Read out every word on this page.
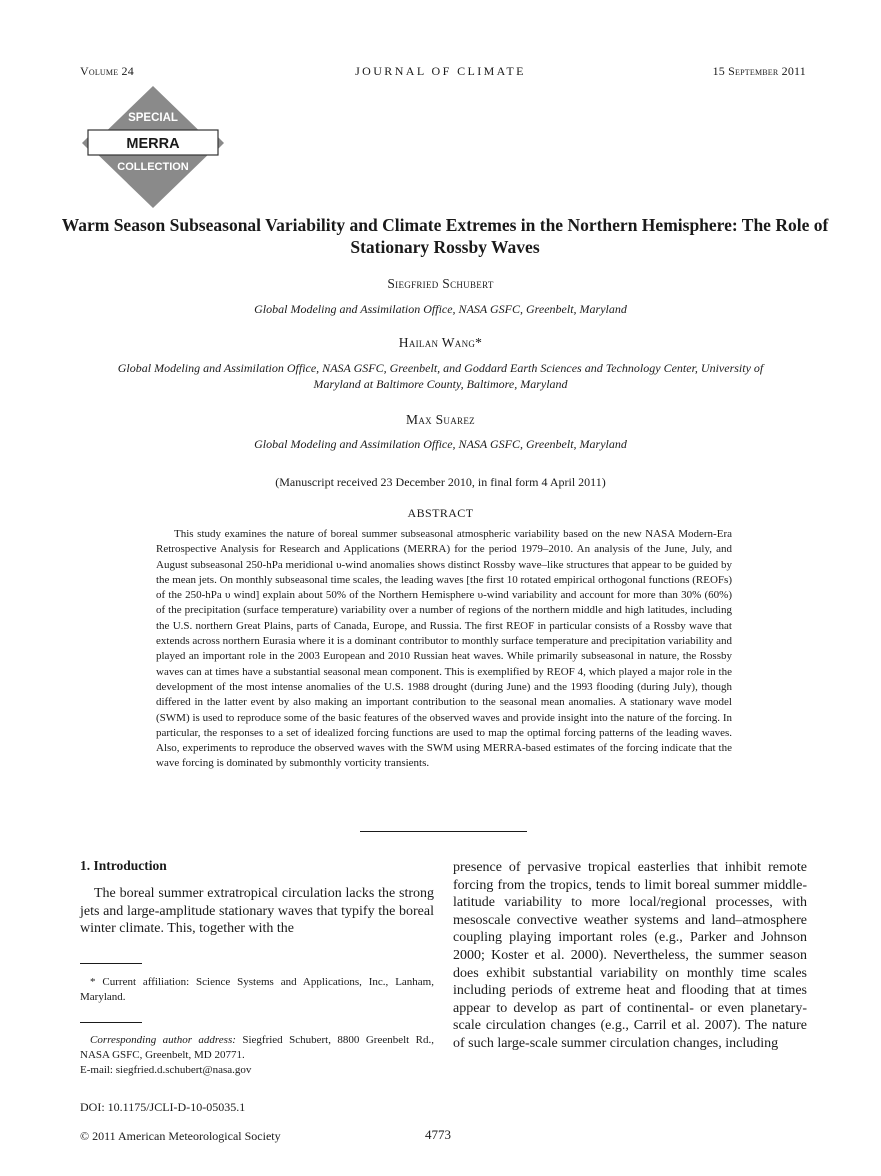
Volume 24	JOURNAL OF CLIMATE	15 September 2011
SPECIAL
MERRA
COLLECTION
Warm Season Subseasonal Variability and Climate Extremes in the Northern Hemisphere: The Role of Stationary Rossby Waves
Siegfried Schubert
Global Modeling and Assimilation Office, NASA GSFC, Greenbelt, Maryland
Hailan Wang*
Global Modeling and Assimilation Office, NASA GSFC, Greenbelt, and Goddard Earth Sciences and Technology Center, University of Maryland at Baltimore County, Baltimore, Maryland
Max Suarez
Global Modeling and Assimilation Office, NASA GSFC, Greenbelt, Maryland
(Manuscript received 23 December 2010, in final form 4 April 2011)
ABSTRACT

This study examines the nature of boreal summer subseasonal atmospheric variability based on the new NASA Modern-Era Retrospective Analysis for Research and Applications (MERRA) for the period 1979–2010. An analysis of the June, July, and August subseasonal 250-hPa meridional υ-wind anomalies shows distinct Rossby wave–like structures that appear to be guided by the mean jets. On monthly subseasonal time scales, the leading waves [the first 10 rotated empirical orthogonal functions (REOFs) of the 250-hPa υ wind] explain about 50% of the Northern Hemisphere υ-wind variability and account for more than 30% (60%) of the precipitation (surface temperature) variability over a number of regions of the northern middle and high latitudes, including the U.S. northern Great Plains, parts of Canada, Europe, and Russia. The first REOF in particular consists of a Rossby wave that extends across northern Eurasia where it is a dominant contributor to monthly surface temperature and precipitation variability and played an important role in the 2003 European and 2010 Russian heat waves. While primarily subseasonal in nature, the Rossby waves can at times have a substantial seasonal mean component. This is exemplified by REOF 4, which played a major role in the development of the most intense anomalies of the U.S. 1988 drought (during June) and the 1993 flooding (during July), though differed in the latter event by also making an important contribution to the seasonal mean anomalies. A stationary wave model (SWM) is used to reproduce some of the basic features of the observed waves and provide insight into the nature of the forcing. In particular, the responses to a set of idealized forcing functions are used to map the optimal forcing patterns of the leading waves. Also, experiments to reproduce the observed waves with the SWM using MERRA-based estimates of the forcing indicate that the wave forcing is dominated by submonthly vorticity transients.

1. Introduction

The boreal summer extratropical circulation lacks the strong jets and large-amplitude stationary waves that typify the boreal winter climate. This, together with the

* Current affiliation: Science Systems and Applications, Inc., Lanham, Maryland.

Corresponding author address: Siegfried Schubert, 8800 Greenbelt Rd., NASA GSFC, Greenbelt, MD 20771.

E-mail: siegfried.d.schubert@nasa.gov
DOI: 10.1175/JCLI-D-10-05035.1
© 2011 American Meteorological Society	4773

presence of pervasive tropical easterlies that inhibit remote forcing from the tropics, tends to limit boreal summer middle-latitude variability to more local/regional processes, with mesoscale convective weather systems and land–atmosphere coupling playing important roles (e.g., Parker and Johnson 2000; Koster et al. 2000). Nevertheless, the summer season does exhibit substantial variability on monthly time scales including periods of extreme heat and flooding that at times appear to develop as part of continental- or even planetary-scale circulation changes (e.g., Carril et al. 2007). The nature of such large-scale summer circulation changes, including
